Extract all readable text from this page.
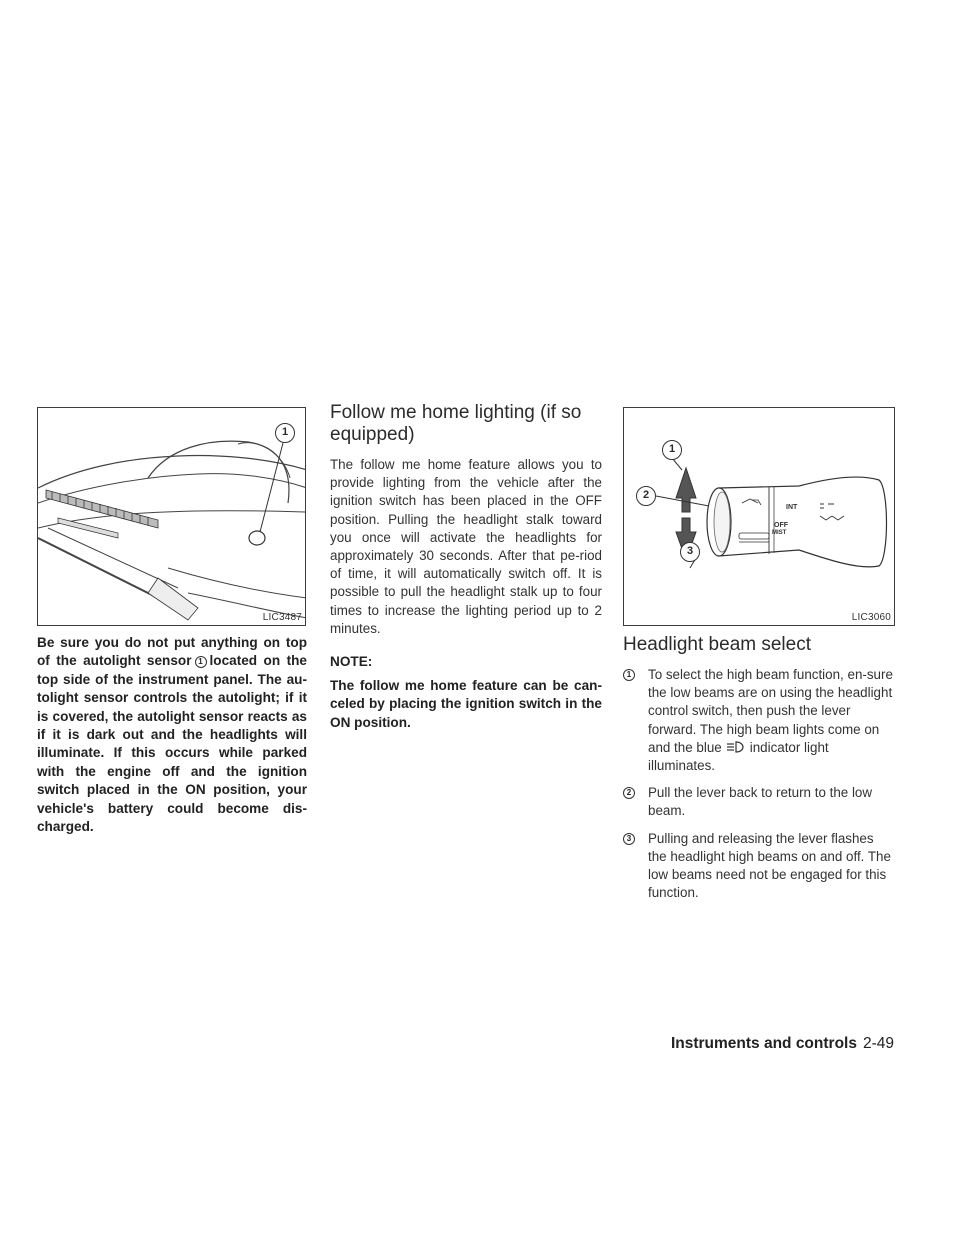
1
LIC3487
1
2
3
INT
OFF
MIST
LIC3060

Be sure you do not put anything on top of the autolight sensor 1 located on the top side of the instrument panel. The au-tolight sensor controls the autolight; if it is covered, the autolight sensor reacts as if it is dark out and the headlights will illuminate. If this occurs while parked with the engine off and the ignition switch placed in the ON position, your vehicle's battery could become dis-charged.

Follow me home lighting (if so equipped)

The follow me home feature allows you to provide lighting from the vehicle after the ignition switch has been placed in the OFF position. Pulling the headlight stalk toward you once will activate the headlights for approximately 30 seconds. After that pe-riod of time, it will automatically switch off. It is possible to pull the headlight stalk up to four times to increase the lighting period up to 2 minutes.

NOTE:

The follow me home feature can be can-celed by placing the ignition switch in the ON position.

Headlight beam select
1 To select the high beam function, en-sure the low beams are on using the headlight control switch, then push the lever forward. The high beam lights come on and the blue indicator light illuminates.
2 Pull the lever back to return to the low beam.
3 Pulling and releasing the lever flashes the headlight high beams on and off. The low beams need not be engaged for this function.
Instruments and controls 2-49
